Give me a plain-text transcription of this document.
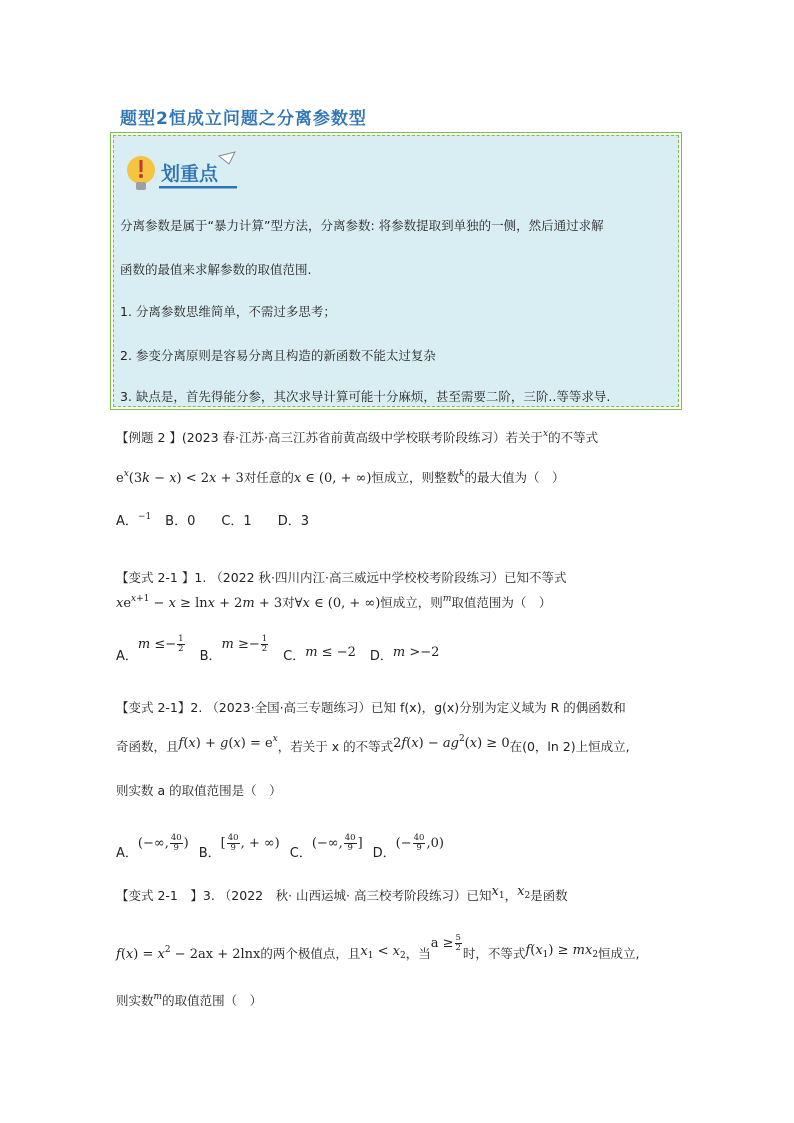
题型2恒成立问题之分离参数型
划重点
分离参数是属于“暴力计算”型方法，分离参数: 将参数提取到单独的一侧，然后通过求解
函数的最值来求解参数的取值范围.
1. 分离参数思维简单，不需过多思考；
2. 参变分离原则是容易分离且构造的新函数不能太过复杂
3. 缺点是，首先得能分参，其次求导计算可能十分麻烦，甚至需要二阶，三阶..等等求导.
【例题 2 】(2023 春·江苏·高三江苏省前黄高级中学校联考阶段练习）若关于$^x$的不等式
$e^x(3k - x) < 2x + 3$对任意的x ∈ (0, + ∞)恒成立，则整数$^k$的最大值为（　）
A．$^{-1}$ B．0 C．1 D．3
【变式 2-1 】1. （2022 秋·四川内江·高三威远中学校校考阶段练习）已知不等式
$xe^{x+1} - x \ge \ln x + 2m + 3$对∀x ∈ (0, + ∞)恒成立，则$^m$取值范围为（　）
A．$m \le- \frac{1}{2}$
B．$m \ge- \frac{1}{2}$
C．m ≤ −2 D．m >−2
【变式 2-1】2. （2023·全国·高三专题练习）已知 f(x)，g(x)分别为定义域为 R 的偶函数和
奇函数，且$f(x) + g(x) = e^x$，若关于 x 的不等式$2f(x) - ag^2(x) \ge 0$在(0，ln 2)上恒成立,
则实数 a 的取值范围是（　）
A．(−∞, $\frac{40}{9}$ ) B．[ $\frac{40}{9}$ , + ∞) C．(−∞, $\frac{40}{9}$ ] D．(− $\frac{40}{9} ,0$)
【变式 2-1　】3. （2022　秋· 山西运城· 高三校考阶段练习）已知$x_1$，$x_2$是函数
$f(x) = x^2 - 2ax + 2\ln x$的两个极值点，且$x_1 < x_2$，当$a \ge \frac{5}{2}$
时，不等式$f(x_1) \ge mx_2$恒成立,
则实数$^m$的取值范围（　）
